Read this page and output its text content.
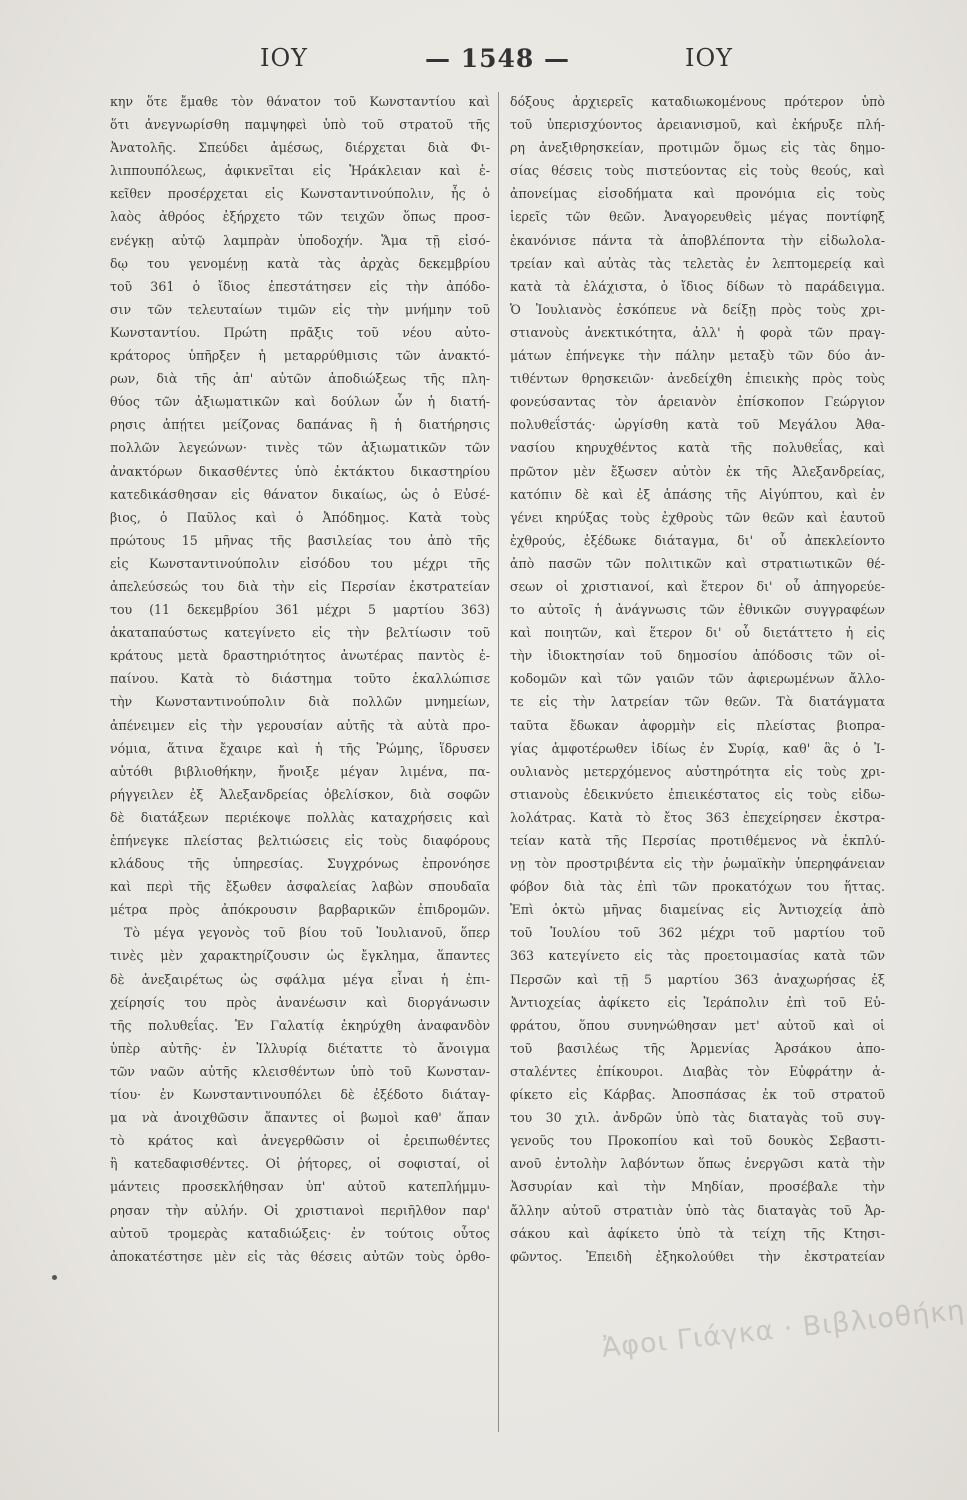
ΙΟΥ	— 1548 —	ΙΟΥ
κην ὅτε ἔμαθε τὸν θάνατον τοῦ Κωνσταντίου καὶ
ὅτι ἀνεγνωρίσθη παμψηφεὶ ὑπὸ τοῦ στρατοῦ τῆς
Ἀνατολῆς. Σπεύδει ἀμέσως, διέρχεται διὰ Φι-
λιππουπόλεως, ἀφικνεῖται εἰς Ἡράκλειαν καὶ ἐ-
κεῖθεν προσέρχεται εἰς Κωνσταντινούπολιν, ἧς ὁ
λαὸς ἀθρόος ἐξήρχετο τῶν τειχῶν ὅπως προσ-
ενέγκῃ αὐτῷ λαμπρὰν ὑποδοχήν. Ἅμα τῇ εἰσό-
δῳ του γενομένῃ κατὰ τὰς ἀρχὰς δεκεμβρίου
τοῦ 361 ὁ ἴδιος ἐπεστάτησεν εἰς τὴν ἀπόδο-
σιν τῶν τελευταίων τιμῶν εἰς τὴν μνήμην τοῦ
Κωνσταντίου. Πρώτη πρᾶξις τοῦ νέου αὐτο-
κράτορος ὑπῆρξεν ἡ μεταρρύθμισις τῶν ἀνακτό-
ρων, διὰ τῆς ἀπ' αὐτῶν ἀποδιώξεως τῆς πλη-
θύος τῶν ἀξιωματικῶν καὶ δούλων ὧν ἡ διατή-
ρησις ἀπῄτει μείζονας δαπάνας ἢ ἡ διατήρησις
πολλῶν λεγεώνων· τινὲς τῶν ἀξιωματικῶν τῶν
ἀνακτόρων δικασθέντες ὑπὸ ἐκτάκτου δικαστηρίου
κατεδικάσθησαν εἰς θάνατον δικαίως, ὡς ὁ Εὐσέ-
βιος, ὁ Παῦλος καὶ ὁ Ἀπόδημος. Κατὰ τοὺς
πρώτους 15 μῆνας τῆς βασιλείας του ἀπὸ τῆς
εἰς Κωνσταντινούπολιν εἰσόδου του μέχρι τῆς
ἀπελεύσεώς του διὰ τὴν εἰς Περσίαν ἐκστρατείαν
του (11 δεκεμβρίου 361 μέχρι 5 μαρτίου 363)
ἀκαταπαύστως κατεγίνετο εἰς τὴν βελτίωσιν τοῦ
κράτους μετὰ δραστηριότητος ἀνωτέρας παντὸς ἐ-
παίνου. Κατὰ τὸ διάστημα τοῦτο ἐκαλλώπισε
τὴν Κωνσταντινούπολιν διὰ πολλῶν μνημείων,
ἀπένειμεν εἰς τὴν γερουσίαν αὐτῆς τὰ αὐτὰ προ-
νόμια, ἅτινα ἔχαιρε καὶ ἡ τῆς Ῥώμης, ἵδρυσεν
αὐτόθι βιβλιοθήκην, ἤνοιξε μέγαν λιμένα, πα-
ρήγγειλεν ἐξ Ἀλεξανδρείας ὀβελίσκον, διὰ σοφῶν
δὲ διατάξεων περιέκοψε πολλὰς καταχρήσεις καὶ
ἐπήνεγκε πλείστας βελτιώσεις εἰς τοὺς διαφόρους
κλάδους τῆς ὑπηρεσίας. Συγχρόνως ἐπρονόησε
καὶ περὶ τῆς ἔξωθεν ἀσφαλείας λαβὼν σπουδαῖα
μέτρα πρὸς ἀπόκρουσιν βαρβαρικῶν ἐπιδρομῶν.
Τὸ μέγα γεγονὸς τοῦ βίου τοῦ Ἰουλιανοῦ, ὅπερ
τινὲς μὲν χαρακτηρίζουσιν ὡς ἔγκλημα, ἅπαντες
δὲ ἀνεξαιρέτως ὡς σφάλμα μέγα εἶναι ἡ ἐπι-
χείρησίς του πρὸς ἀνανέωσιν καὶ διοργάνωσιν
τῆς πολυθεΐας. Ἐν Γαλατίᾳ ἐκηρύχθη ἀναφανδὸν
ὑπὲρ αὐτῆς· ἐν Ἰλλυρίᾳ διέταττε τὸ ἄνοιγμα
τῶν ναῶν αὐτῆς κλεισθέντων ὑπὸ τοῦ Κωνσταν-
τίου· ἐν Κωνσταντινουπόλει δὲ ἐξέδοτο διάταγ-
μα νὰ ἀνοιχθῶσιν ἅπαντες οἱ βωμοὶ καθ' ἅπαν
τὸ κράτος καὶ ἀνεγερθῶσιν οἱ ἐρειπωθέντες
ἢ κατεδαφισθέντες. Οἱ ῥήτορες, οἱ σοφισταί, οἱ
μάντεις προσεκλήθησαν ὑπ' αὐτοῦ κατεπλήμμυ-
ρησαν τὴν αὐλήν. Οἱ χριστιανοὶ περιῆλθον παρ'
αὐτοῦ τρομερὰς καταδιώξεις· ἐν τούτοις οὗτος
ἀποκατέστησε μὲν εἰς τὰς θέσεις αὐτῶν τοὺς ὀρθο-
δόξους ἀρχιερεῖς καταδιωκομένους πρότερον ὑπὸ
τοῦ ὑπερισχύοντος ἀρειανισμοῦ, καὶ ἐκήρυξε πλή-
ρη ἀνεξιθρησκείαν, προτιμῶν ὅμως εἰς τὰς δημο-
σίας θέσεις τοὺς πιστεύοντας εἰς τοὺς θεούς, καὶ
ἀπονείμας εἰσοδήματα καὶ προνόμια εἰς τοὺς
ἱερεῖς τῶν θεῶν. Ἀναγορευθεὶς μέγας ποντίφηξ
ἐκανόνισε πάντα τὰ ἀποβλέποντα τὴν εἰδωλολα-
τρείαν καὶ αὐτὰς τὰς τελετὰς ἐν λεπτομερείᾳ καὶ
κατὰ τὰ ἐλάχιστα, ὁ ἴδιος δίδων τὸ παράδειγμα.
Ὁ Ἰουλιανὸς ἐσκόπευε νὰ δείξῃ πρὸς τοὺς χρι-
στιανοὺς ἀνεκτικότητα, ἀλλ' ἡ φορὰ τῶν πραγ-
μάτων ἐπήνεγκε τὴν πάλην μεταξὺ τῶν δύο ἀν-
τιθέντων θρησκειῶν· ἀνεδείχθη ἐπιεικὴς πρὸς τοὺς
φονεύσαντας τὸν ἀρειανὸν ἐπίσκοπον Γεώργιον
πολυθεΐστάς· ὠργίσθη κατὰ τοῦ Μεγάλου Ἀθα-
νασίου κηρυχθέντος κατὰ τῆς πολυθεΐας, καὶ
πρῶτον μὲν ἔξωσεν αὐτὸν ἐκ τῆς Ἀλεξανδρείας,
κατόπιν δὲ καὶ ἐξ ἁπάσης τῆς Αἰγύπτου, καὶ ἐν
γένει κηρύξας τοὺς ἐχθροὺς τῶν θεῶν καὶ ἑαυτοῦ
ἐχθρούς, ἐξέδωκε διάταγμα, δι' οὗ ἀπεκλείοντο
ἀπὸ πασῶν τῶν πολιτικῶν καὶ στρατιωτικῶν θέ-
σεων οἱ χριστιανοί, καὶ ἕτερον δι' οὗ ἀπηγορεύε-
το αὐτοῖς ἡ ἀνάγνωσις τῶν ἐθνικῶν συγγραφέων
καὶ ποιητῶν, καὶ ἕτερον δι' οὗ διετάττετο ἡ εἰς
τὴν ἰδιοκτησίαν τοῦ δημοσίου ἀπόδοσις τῶν οἰ-
κοδομῶν καὶ τῶν γαιῶν τῶν ἀφιερωμένων ἄλλο-
τε εἰς τὴν λατρείαν τῶν θεῶν. Τὰ διατάγματα
ταῦτα ἔδωκαν ἀφορμὴν εἰς πλείστας βιοπρα-
γίας ἀμφοτέρωθεν ἰδίως ἐν Συρίᾳ, καθ' ἃς ὁ Ἰ-
ουλιανὸς μετερχόμενος αὐστηρότητα εἰς τοὺς χρι-
στιανοὺς ἐδεικνύετο ἐπιεικέστατος εἰς τοὺς εἰδω-
λολάτρας. Κατὰ τὸ ἔτος 363 ἐπεχείρησεν ἐκστρα-
τείαν κατὰ τῆς Περσίας προτιθέμενος νὰ ἐκπλύ-
νῃ τὸν προστριβέντα εἰς τὴν ῥωμαϊκὴν ὑπερηφάνειαν
φόβον διὰ τὰς ἐπὶ τῶν προκατόχων του ἥττας.
Ἐπὶ ὀκτὼ μῆνας διαμείνας εἰς Ἀντιοχείᾳ ἀπὸ
τοῦ Ἰουλίου τοῦ 362 μέχρι τοῦ μαρτίου τοῦ
363 κατεγίνετο εἰς τὰς προετοιμασίας κατὰ τῶν
Περσῶν καὶ τῇ 5 μαρτίου 363 ἀναχωρήσας ἐξ
Ἀντιοχείας ἀφίκετο εἰς Ἱεράπολιν ἐπὶ τοῦ Εὐ-
φράτου, ὅπου συνηνώθησαν μετ' αὐτοῦ καὶ οἱ
τοῦ βασιλέως τῆς Ἀρμενίας Ἀρσάκου ἀπο-
σταλέντες ἐπίκουροι. Διαβὰς τὸν Εὐφράτην ἀ-
φίκετο εἰς Κάρβας. Ἀποσπάσας ἐκ τοῦ στρατοῦ
του 30 χιλ. ἀνδρῶν ὑπὸ τὰς διαταγὰς τοῦ συγ-
γενοῦς του Προκοπίου καὶ τοῦ δουκὸς Σεβαστι-
ανοῦ ἐντολὴν λαβόντων ὅπως ἐνεργῶσι κατὰ τὴν
Ἀσσυρίαν καὶ τὴν Μηδίαν, προσέβαλε τὴν
ἄλλην αὐτοῦ στρατιὰν ὑπὸ τὰς διαταγὰς τοῦ Ἀρ-
σάκου καὶ ἀφίκετο ὑπὸ τὰ τείχη τῆς Κτησι-
φῶντος. Ἐπειδὴ ἐξηκολούθει τὴν ἐκστρατείαν
Ἀφοι Γιάγκα · Βιβλιοθήκη
